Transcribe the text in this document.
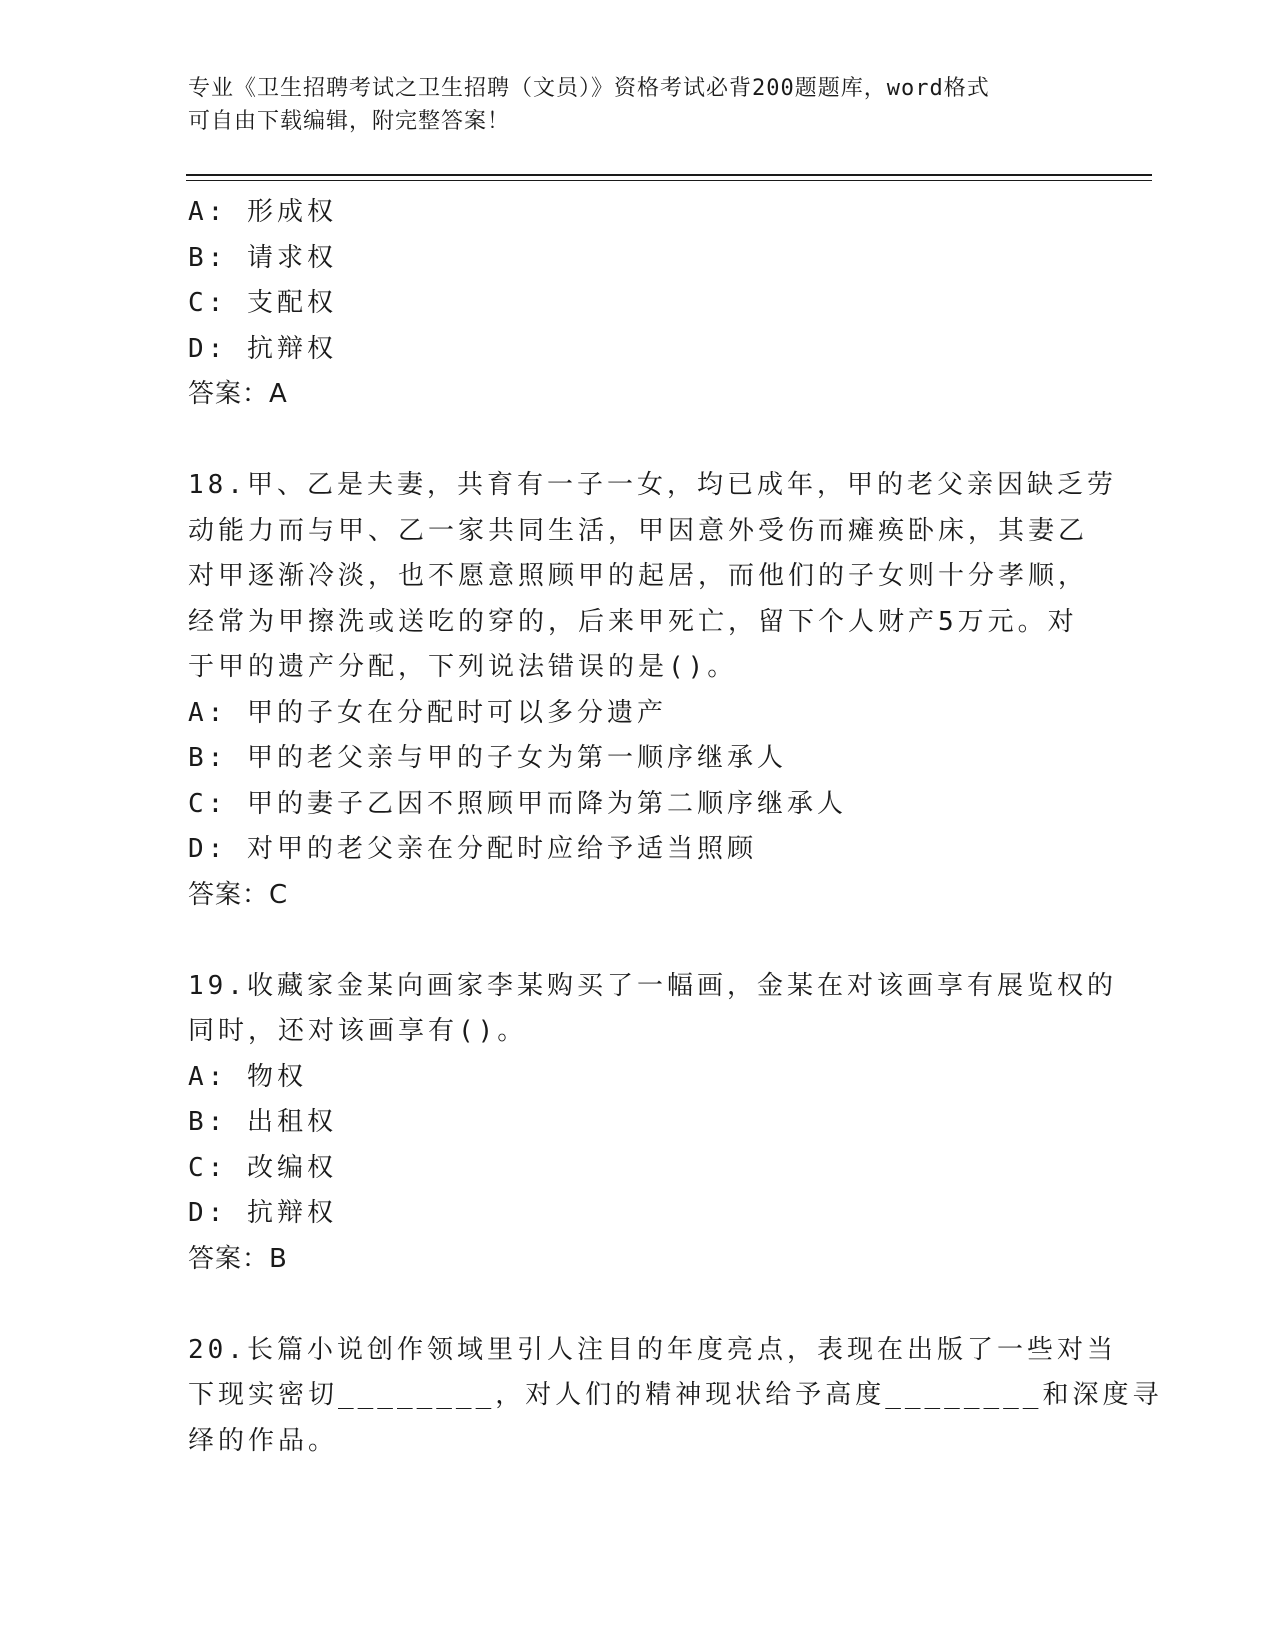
专业《卫生招聘考试之卫生招聘（文员）》资格考试必背200题题库，word格式
可自由下载编辑，附完整答案！
A: 形成权
B: 请求权
C: 支配权
D: 抗辩权
答案：A
18.甲、乙是夫妻，共育有一子一女，均已成年，甲的老父亲因缺乏劳
动能力而与甲、乙一家共同生活，甲因意外受伤而瘫痪卧床，其妻乙
对甲逐渐冷淡，也不愿意照顾甲的起居，而他们的子女则十分孝顺，
经常为甲擦洗或送吃的穿的，后来甲死亡，留下个人财产5万元。对
于甲的遗产分配，下列说法错误的是()。
A: 甲的子女在分配时可以多分遗产
B: 甲的老父亲与甲的子女为第一顺序继承人
C: 甲的妻子乙因不照顾甲而降为第二顺序继承人
D: 对甲的老父亲在分配时应给予适当照顾
答案：C
19.收藏家金某向画家李某购买了一幅画，金某在对该画享有展览权的
同时，还对该画享有()。
A: 物权
B: 出租权
C: 改编权
D: 抗辩权
答案：B
20.长篇小说创作领域里引人注目的年度亮点，表现在出版了一些对当
下现实密切________，对人们的精神现状给予高度________和深度寻
绎的作品。
